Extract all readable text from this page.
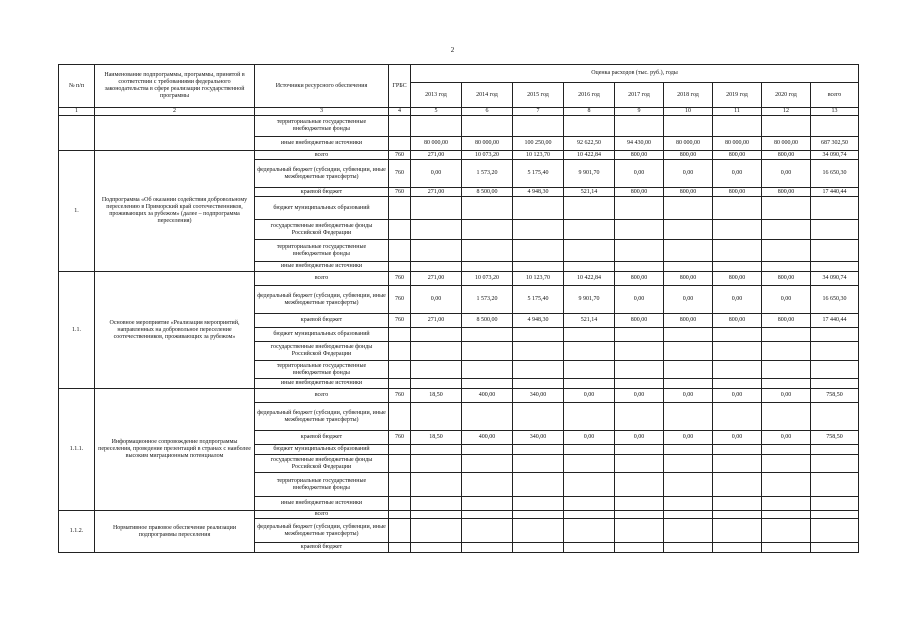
2
№ п/п	Наименование подпрограммы, программы, принятой в соответствии с требованиями федерального законодательства в сфере реализации государственной программы	Источники ресурсного обеспечения	ГРБС	Оценка расходов (тыс. руб.), годы								
				2013 год	2014 год	2015 год	2016 год	2017 год	2018 год	2019 год	2020 год	всего
1	2	3	4	5	6	7	8	9	10	11	12	13
		территориальные государственные внебюджетные фонды										
		иные внебюджетные источники		80 000,00	80 000,00	100 250,00	92 622,50	94 430,00	80 000,00	80 000,00	80 000,00	687 302,50
1.	Подпрограмма «Об оказании содействия добровольному переселению в Приморский край соотечественников, проживающих за рубежом» (далее – подпрограмма переселения)	всего	760	271,00	10 073,20	10 123,70	10 422,84	800,00	800,00	800,00	800,00	34 090,74
		федеральный бюджет (субсидии, субвенции, иные межбюджетные трансферты)	760	0,00	1 573,20	5 175,40	9 901,70	0,00	0,00	0,00	0,00	16 650,30
		краевой бюджет	760	271,00	8 500,00	4 948,30	521,14	800,00	800,00	800,00	800,00	17 440,44
		бюджет муниципальных образований										
		государственные внебюджетные фонды Российской Федерации										
		территориальные государственные внебюджетные фонды										
		иные внебюджетные источники										
1.1.	Основное мероприятие «Реализация мероприятий, направленных на добровольное переселение соотечественников, проживающих за рубежом»	всего	760	271,00	10 073,20	10 123,70	10 422,84	800,00	800,00	800,00	800,00	34 090,74
		федеральный бюджет (субсидии, субвенции, иные межбюджетные трансферты)	760	0,00	1 573,20	5 175,40	9 901,70	0,00	0,00	0,00	0,00	16 650,30
		краевой бюджет	760	271,00	8 500,00	4 948,30	521,14	800,00	800,00	800,00	800,00	17 440,44
		бюджет муниципальных образований										
		государственные внебюджетные фонды Российской Федерации										
		территориальные государственные внебюджетные фонды										
		иные внебюджетные источники										
1.1.1.	Информационное сопровождение подпрограммы переселения, проведение презентаций в странах с наиболее высоким миграционным потенциалом	всего	760	18,50	400,00	340,00	0,00	0,00	0,00	0,00	0,00	758,50
		федеральный бюджет (субсидии, субвенции, иные межбюджетные трансферты)										
		краевой бюджет	760	18,50	400,00	340,00	0,00	0,00	0,00	0,00	0,00	758,50
		бюджет муниципальных образований										
		государственные внебюджетные фонды Российской Федерации										
		территориальные государственные внебюджетные фонды										
		иные внебюджетные источники										
1.1.2.	Нормативное правовое обеспечение реализации подпрограммы переселения	всего										
		федеральный бюджет (субсидии, субвенции, иные межбюджетные трансферты)										
		краевой бюджет										
